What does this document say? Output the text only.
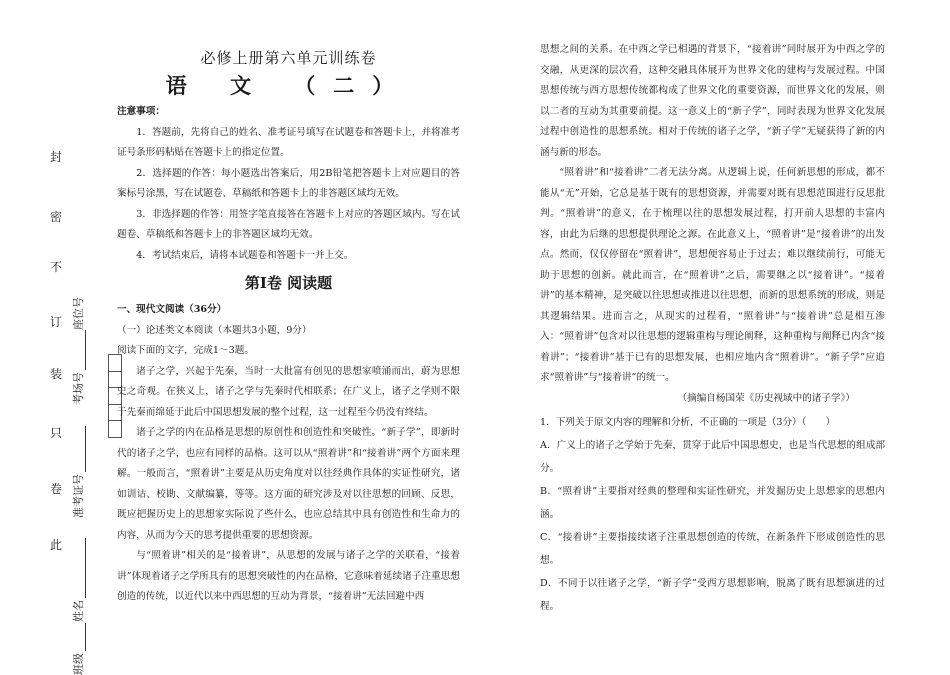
封
密
不
订
装
只
卷
此
座位号
考场号
准考证号
姓名
班级
必修上册第六单元训练卷
语 文 （二）
注意事项：
1．答题前，先将自己的姓名、准考证号填写在试题卷和答题卡上，并将准考证号条形码粘贴在答题卡上的指定位置。
2．选择题的作答：每小题选出答案后，用2B铅笔把答题卡上对应题目的答案标号涂黑，写在试题卷、草稿纸和答题卡上的非答题区域均无效。
3．非选择题的作答：用签字笔直接答在答题卡上对应的答题区域内。写在试题卷、草稿纸和答题卡上的非答题区域均无效。
4．考试结束后，请将本试题卷和答题卡一并上交。
第Ⅰ卷 阅读题
一、现代文阅读（36分）
（一）论述类文本阅读（本题共3小题，9分）
阅读下面的文字，完成1～3题。
诸子之学，兴起于先秦，当时一大批富有创见的思想家喷涌而出，蔚为思想史之奇观。在狭义上，诸子之学与先秦时代相联系；在广义上，诸子之学则不限于先秦而绵延于此后中国思想发展的整个过程，这一过程至今仍没有终结。
诸子之学的内在品格是思想的原创性和创造性和突破性。“新子学”，即新时代的诸子之学，也应有同样的品格。这可以从“照着讲”和“接着讲”两个方面来理解。一般而言，“照着讲”主要是从历史角度对以往经典作具体的实证性研究，诸如训诂、校勘、文献编纂，等等。这方面的研究涉及对以往思想的回顾、反思，既应把握历史上的思想家实际说了些什么，也应总结其中具有创造性和生命力的内容，从而为今天的思考提供重要的思想资源。
与“照着讲”相关的是“接着讲”，从思想的发展与诸子之学的关联看，“接着讲”体现着诸子之学所具有的思想突破性的内在品格，它意味着延续诸子注重思想创造的传统，以近代以来中西思想的互动为背景，“接着讲”无法回避中西
思想之间的关系。在中西之学已相遇的背景下，“接着讲”同时展开为中西之学的交融，从更深的层次看，这种交融具体展开为世界文化的建构与发展过程。中国思想传统与西方思想传统都构成了世界文化的重要资源，而世界文化的发展，则以二者的互动为其重要前提。这一意义上的“新子学”，同时表现为世界文化发展过程中创造性的思想系统。相对于传统的诸子之学，“新子学”无疑获得了新的内涵与新的形态。
“照着讲”和“接着讲”二者无法分离。从逻辑上说，任何新思想的形成，都不能从“无”开始，它总是基于既有的思想资源，并需要对既有思想范围进行反思批判。“照着讲”的意义，在于梳理以往的思想发展过程，打开前人思想的丰富内容，由此为后继的思想提供理论之源。在此意义上，“照着讲”是“接着讲”的出发点。然而，仅仅停留在“照着讲”，思想便容易止于过去；难以继续前行，可能无助于思想的创新。就此而言，在“照着讲”之后，需要继之以“接着讲”。“接着讲”的基本精神，是突破以往思想或推进以往思想，而新的思想系统的形成，则是其逻辑结果。进而言之，从现实的过程看，“照着讲”与“接着讲”总是相互渗入：“照着讲”包含对以往思想的逻辑重构与理论阐释，这种重构与阐释已内含“接着讲”；“接着讲”基于已有的思想发展，也相应地内含“照着讲”。“新子学”应追求“照着讲”与“接着讲”的统一。
（摘编自杨国荣《历史视域中的诸子学》）
1．下列关于原文内容的理解和分析，不正确的一项是（3分）（　　）
A．广义上的诸子之学始于先秦，贯穿于此后中国思想史，也是当代思想的组成部分。
B．“照着讲”主要指对经典的整理和实证性研究，并发掘历史上思想家的思想内涵。
C．“接着讲”主要指接续诸子注重思想创造的传统，在新条件下形成创造性的思想。
D．不同于以往诸子之学，“新子学”受西方思想影响，脱离了既有思想演进的过程。
